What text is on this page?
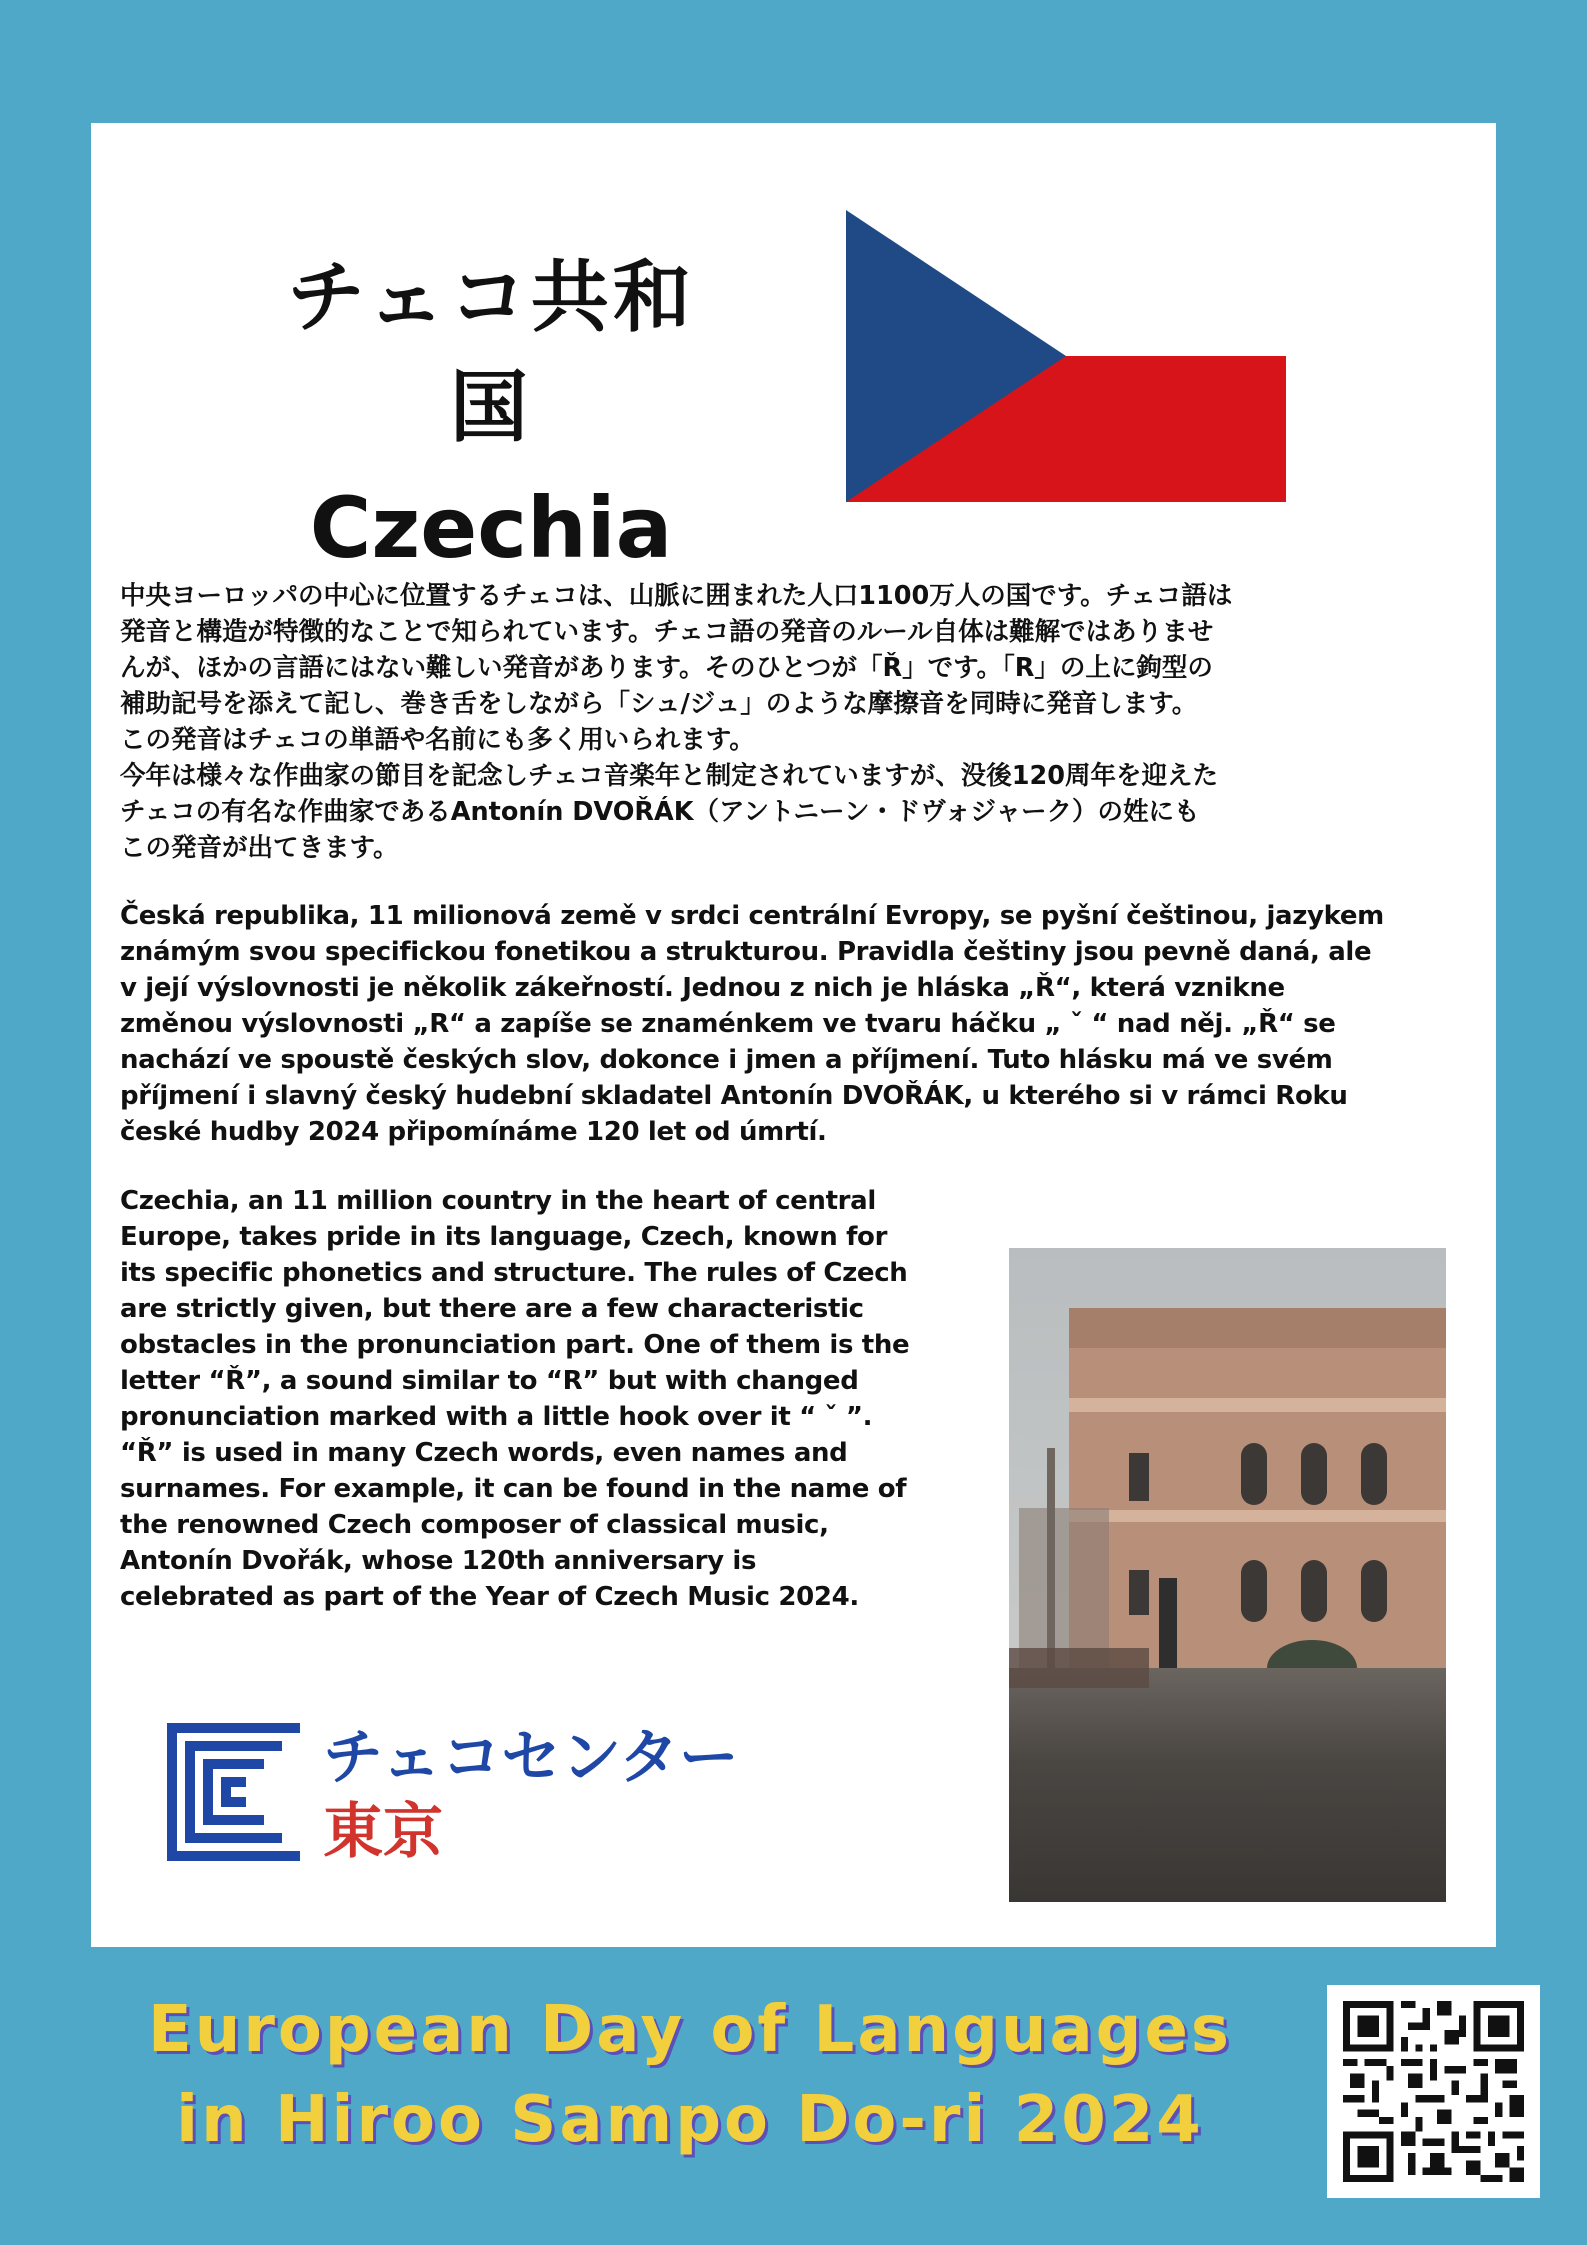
チェコ共和国
Czechia
中央ヨーロッパの中心に位置するチェコは、山脈に囲まれた人口1100万人の国です。チェコ語は
発音と構造が特徴的なことで知られています。チェコ語の発音のルール自体は難解ではありませ
んが、ほかの言語にはない難しい発音があります。そのひとつが「Ř」です。「R」の上に鉤型の
補助記号を添えて記し、巻き舌をしながら「シュ/ジュ」のような摩擦音を同時に発音します。
この発音はチェコの単語や名前にも多く用いられます。
今年は様々な作曲家の節目を記念しチェコ音楽年と制定されていますが、没後120周年を迎えた
チェコの有名な作曲家であるAntonín DVOŘÁK（アントニーン・ドヴォジャーク）の姓にも
この発音が出てきます。
Česká republika, 11 milionová země v srdci centrální Evropy, se pyšní češtinou, jazykem
známým svou specifickou fonetikou a strukturou. Pravidla češtiny jsou pevně daná, ale
v její výslovnosti je několik zákeřností. Jednou z nich je hláska „Ř“, která vznikne
změnou výslovnosti „R“ a zapíše se znaménkem ve tvaru háčku „ ˇ “ nad něj. „Ř“ se
nachází ve spoustě českých slov, dokonce i jmen a příjmení. Tuto hlásku má ve svém
příjmení i slavný český hudební skladatel Antonín DVOŘÁK, u kterého si v rámci Roku
české hudby 2024 připomínáme 120 let od úmrtí.
Czechia, an 11 million country in the heart of central
Europe, takes pride in its language, Czech, known for
its specific phonetics and structure. The rules of Czech
are strictly given, but there are a few characteristic
obstacles in the pronunciation part. One of them is the
letter “Ř”, a sound similar to “R” but with changed
pronunciation marked with a little hook over it “ ˇ ”.
“Ř” is used in many Czech words, even names and
surnames. For example, it can be found in the name of
the renowned Czech composer of classical music,
Antonín Dvořák, whose 120th anniversary is
celebrated as part of the Year of Czech Music 2024.
チェコセンター
東京
European Day of Languages
in Hiroo Sampo Do-ri 2024
